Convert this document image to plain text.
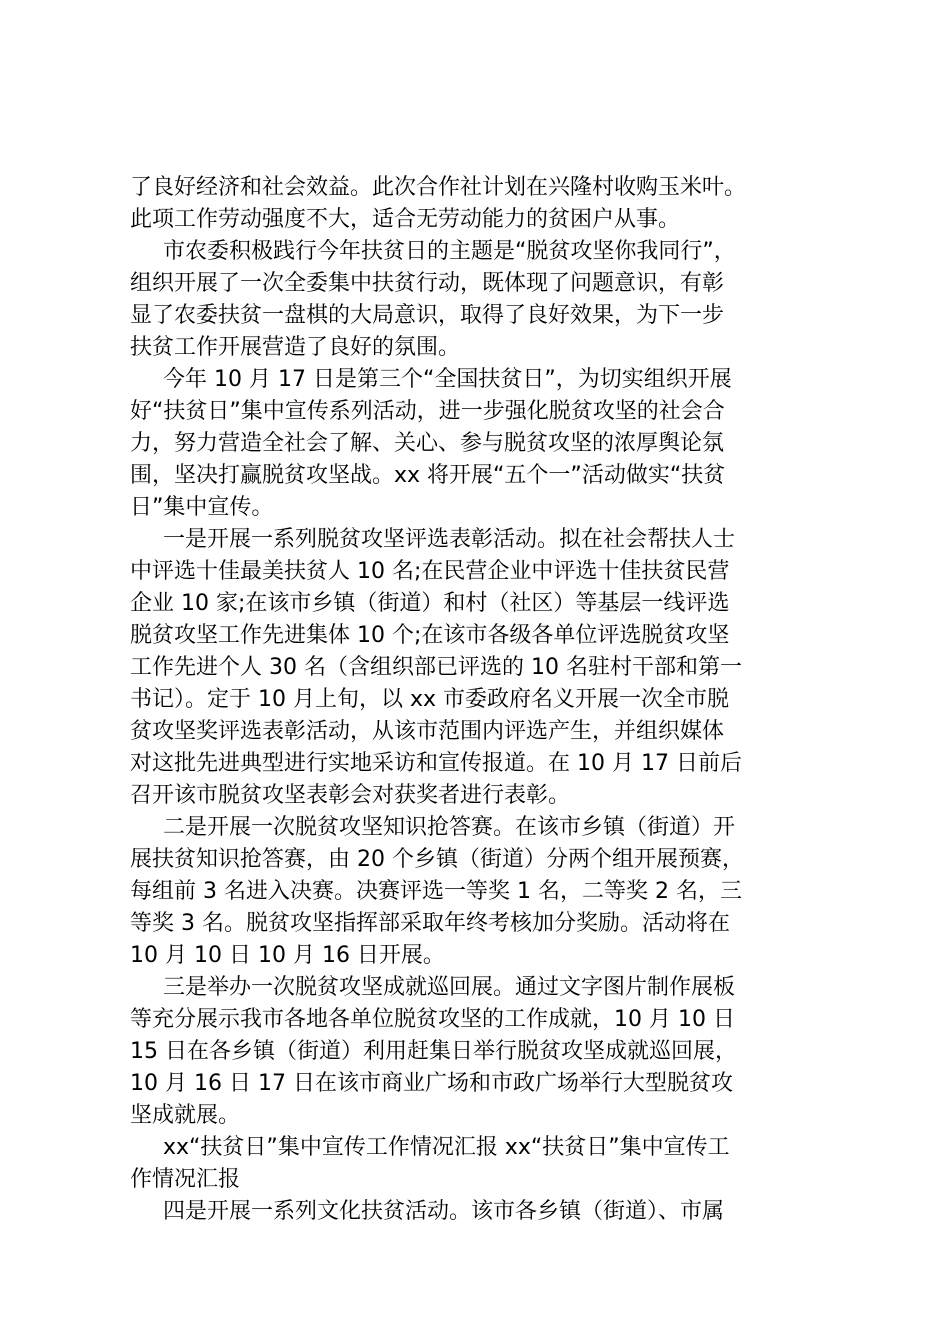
了良好经济和社会效益。此次合作社计划在兴隆村收购玉米叶。
此项工作劳动强度不大，适合无劳动能力的贫困户从事。
市农委积极践行今年扶贫日的主题是“脱贫攻坚你我同行”，
组织开展了一次全委集中扶贫行动，既体现了问题意识，有彰
显了农委扶贫一盘棋的大局意识，取得了良好效果，为下一步
扶贫工作开展营造了良好的氛围。
今年 10 月 17 日是第三个“全国扶贫日”，为切实组织开展
好“扶贫日”集中宣传系列活动，进一步强化脱贫攻坚的社会合
力，努力营造全社会了解、关心、参与脱贫攻坚的浓厚舆论氛
围，坚决打赢脱贫攻坚战。xx 将开展“五个一”活动做实“扶贫
日”集中宣传。
一是开展一系列脱贫攻坚评选表彰活动。拟在社会帮扶人士
中评选十佳最美扶贫人 10 名;在民营企业中评选十佳扶贫民营
企业 10 家;在该市乡镇（街道）和村（社区）等基层一线评选
脱贫攻坚工作先进集体 10 个;在该市各级各单位评选脱贫攻坚
工作先进个人 30 名（含组织部已评选的 10 名驻村干部和第一
书记）。定于 10 月上旬，以 xx 市委政府名义开展一次全市脱
贫攻坚奖评选表彰活动，从该市范围内评选产生，并组织媒体
对这批先进典型进行实地采访和宣传报道。在 10 月 17 日前后
召开该市脱贫攻坚表彰会对获奖者进行表彰。
二是开展一次脱贫攻坚知识抢答赛。在该市乡镇（街道）开
展扶贫知识抢答赛，由 20 个乡镇（街道）分两个组开展预赛，
每组前 3 名进入决赛。决赛评选一等奖 1 名，二等奖 2 名，三
等奖 3 名。脱贫攻坚指挥部采取年终考核加分奖励。活动将在
10 月 10 日 10 月 16 日开展。
三是举办一次脱贫攻坚成就巡回展。通过文字图片制作展板
等充分展示我市各地各单位脱贫攻坚的工作成就，10 月 10 日
15 日在各乡镇（街道）利用赶集日举行脱贫攻坚成就巡回展，
10 月 16 日 17 日在该市商业广场和市政广场举行大型脱贫攻
坚成就展。
xx“扶贫日”集中宣传工作情况汇报 xx“扶贫日”集中宣传工
作情况汇报
四是开展一系列文化扶贫活动。该市各乡镇（街道）、市属
